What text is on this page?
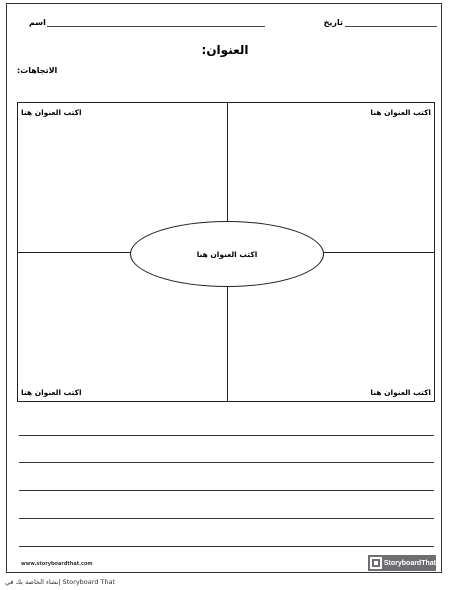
تاريخ
اسم
:العنوان
:الاتجاهات
اكتب العنوان هنا	اكتب العنوان هنا
اكتب العنوان هنا	اكتب العنوان هنا
اكتب العنوان هنا
www.storyboardthat.com	StoryboardThat
إنشاء الخاصة بك في Storyboard That
